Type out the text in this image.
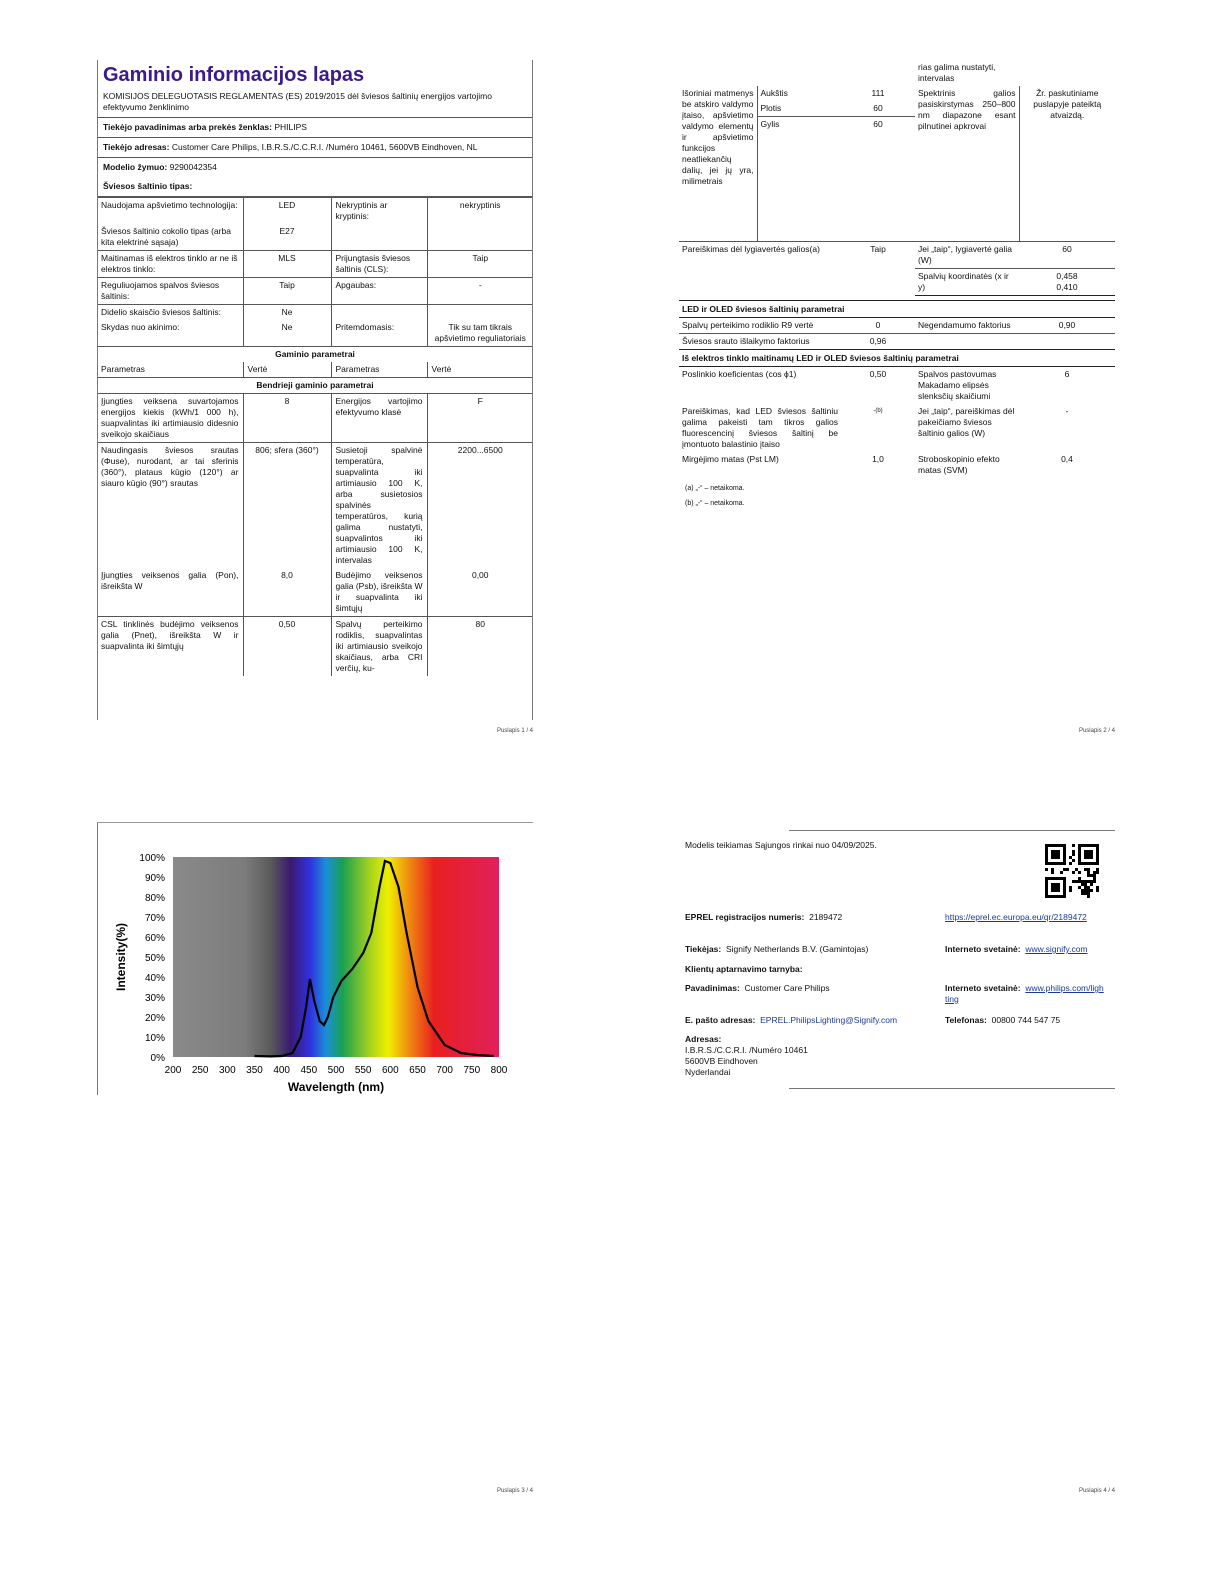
Gaminio informacijos lapas
KOMISIJOS DELEGUOTASIS REGLAMENTAS (ES) 2019/2015 dėl šviesos šaltinių energijos vartojimo efektyvumo ženklinimo
Tiekėjo pavadinimas arba prekės ženklas: PHILIPS
Tiekėjo adresas: Customer Care Philips, I.B.R.S./C.C.R.I. /Numéro 10461, 5600VB Eindhoven, NL
Modelio žymuo: 9290042354
Šviesos šaltinio tipas:
Naudojama apšvietimo technologija:	LED	Nekryptinis ar kryptinis:	nekryptinis
Šviesos šaltinio cokolio tipas (arba kita elektrinė sąsaja)	E27		
Maitinamas iš elektros tinklo ar ne iš elektros tinklo:	MLS	Prijungtasis šviesos šaltinis (CLS):	Taip
Reguliuojamos spalvos šviesos šaltinis:	Taip	Apgaubas:	-
Didelio skaisčio šviesos šaltinis:	Ne		
Skydas nuo akinimo:	Ne	Pritemdomasis:	Tik su tam tikrais apšvietimo reguliatoriais
Gaminio parametrai			
Parametras	Vertė	Parametras	Vertė
Bendrieji gaminio parametrai			
Įjungties veiksena suvartojamos energijos kiekis (kWh/1 000 h), suapvalintas iki artimiausio didesnio sveikojo skaičiaus	8	Energijos vartojimo efektyvumo klasė	F
Naudingasis šviesos srautas (Φuse), nurodant, ar tai sferinis (360°), plataus kūgio (120°) ar siauro kūgio (90°) srautas	806; sfera (360°)	Susietoji spalvinė temperatūra, suapvalinta iki artimiausio 100 K, arba susietosios spalvinės temperatūros, kurią galima nustatyti, suapvalintos iki artimiausio 100 K, intervalas	2200...6500
Įjungties veiksenos galia (Pon), išreikšta W	8,0	Budėjimo veiksenos galia (Psb), išreikšta W ir suapvalinta iki šimtųjų	0,00
CSL tinklinės budėjimo veiksenos galia (Pnet), išreikšta W ir suapvalinta iki šimtųjų	0,50	Spalvų perteikimo rodiklis, suapvalintas iki artimiausio sveikojo skaičiaus, arba CRI verčių, ku-	80
Puslapis 1 / 4
			rias galima nustatyti, intervalas	
Išoriniai matmenys be atskiro valdymo įtaiso, apšvietimo valdymo elementų ir apšvietimo funkcijos neatliekančių dalių, jei jų yra, milimetrais	Aukštis	111	Spektrinis galios pasiskirstymas 250–800 nm diapazone esant pilnutinei apkrovai	Žr. paskutiniame puslapyje pateiktą atvaizdą.
	Plotis	60		
	Gylis	60		
Pareiškimas dėl lygiavertės galios(a)		Taip	Jei „taip“, lygiavertė galia (W)	60
			Spalvių koordinatės (x ir y)	0,458
0,410
LED ir OLED šviesos šaltinių parametrai
Spalvų perteikimo rodiklio R9 vertė	0	Negendamumo faktorius	0,90
Šviesos srauto išlaikymo faktorius	0,96		
Iš elektros tinklo maitinamų LED ir OLED šviesos šaltinių parametrai
Poslinkio koeficientas (cos ϕ1)	0,50	Spalvos pastovumas Makadamo elipsės slenksčių skaičiumi	6
Pareiškimas, kad LED šviesos šaltiniu galima pakeisti tam tikros galios fluorescencinį šviesos šaltinį be įmontuoto balastinio įtaiso	-(b)	Jei „taip“, pareiškimas dėl pakeičiamo šviesos šaltinio galios (W)	-
Mirgėjimo matas (Pst LM)	1,0	Stroboskopinio efekto matas (SVM)	0,4
(a) „-“ – netaikoma.
(b) „-“ – netaikoma.
Puslapis 2 / 4
200 250 300 350 400 450 500 550 600 650 700 750 800
0%
10%
20%
30%
40%
50%
60%
70%
80%
90%
100%
Wavelength (nm)
Intensity(%)
Puslapis 3 / 4
Modelis teikiamas Sąjungos rinkai nuo 04/09/2025.
EPREL registracijos numeris: 2189472	https://eprel.ec.europa.eu/qr/2189472
Tiekėjas: Signify Netherlands B.V. (Gamintojas)	Interneto svetainė: www.signify.com
Klientų aptarnavimo tarnyba:
Pavadinimas: Customer Care Philips	Interneto svetainė: www.philips.com/lighting
E. pašto adresas: EPREL.PhilipsLighting@Signify.com	Telefonas: 00800 744 547 75
Adresas:
I.B.R.S./C.C.R.I. /Numéro 10461
5600VB Eindhoven
Nyderlandai
Puslapis 4 / 4
